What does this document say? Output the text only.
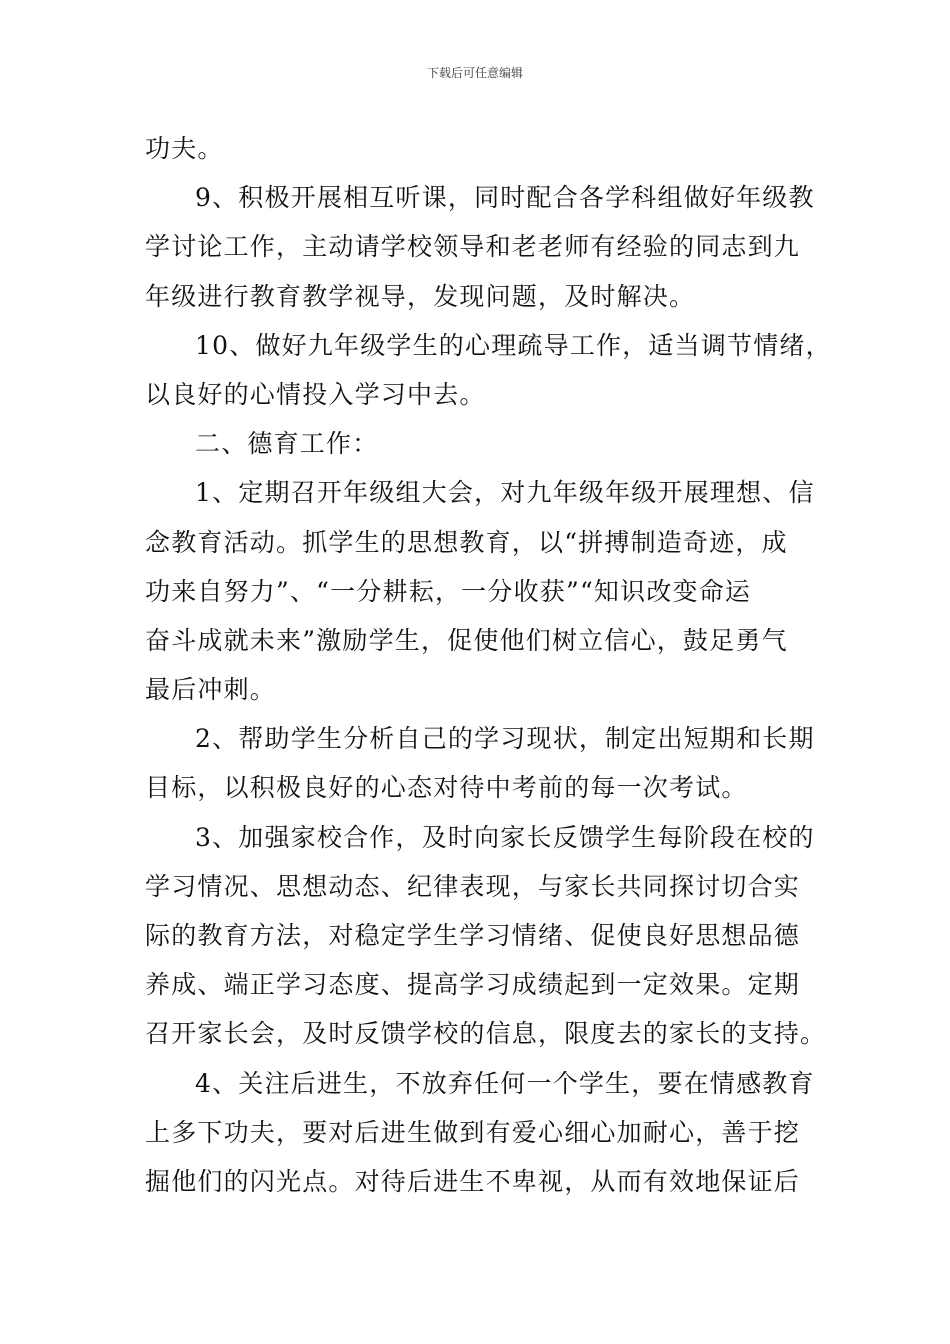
下载后可任意编辑
功夫。
9、积极开展相互听课，同时配合各学科组做好年级教
学讨论工作，主动请学校领导和老老师有经验的同志到九
年级进行教育教学视导，发现问题，及时解决。
10、做好九年级学生的心理疏导工作，适当调节情绪，
以良好的心情投入学习中去。
二、德育工作：
1、定期召开年级组大会，对九年级年级开展理想、信
念教育活动。抓学生的思想教育，以“拼搏制造奇迹，成
功来自努力”、“一分耕耘，一分收获”“知识改变命运
奋斗成就未来”激励学生，促使他们树立信心，鼓足勇气
最后冲刺。
2、帮助学生分析自己的学习现状，制定出短期和长期
目标，以积极良好的心态对待中考前的每一次考试。
3、加强家校合作，及时向家长反馈学生每阶段在校的
学习情况、思想动态、纪律表现，与家长共同探讨切合实
际的教育方法，对稳定学生学习情绪、促使良好思想品德
养成、端正学习态度、提高学习成绩起到一定效果。定期
召开家长会，及时反馈学校的信息，限度去的家长的支持。
4、关注后进生，不放弃任何一个学生，要在情感教育
上多下功夫，要对后进生做到有爱心细心加耐心，善于挖
掘他们的闪光点。对待后进生不卑视，从而有效地保证后
